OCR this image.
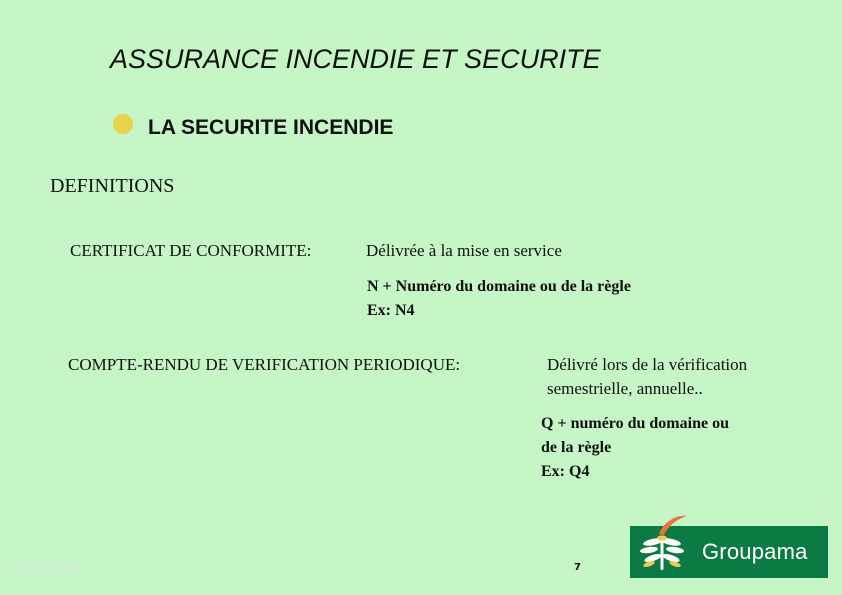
ASSURANCE INCENDIE ET SECURITE
LA SECURITE INCENDIE
DEFINITIONS
CERTIFICAT DE CONFORMITE:	Délivrée à la mise en service
N + Numéro du domaine ou de la règle
Ex: N4
COMPTE-RENDU DE VERIFICATION PERIODIQUE:	Délivré lors de la vérification
semestrielle, annuelle..
Q + numéro du domaine ou
de la règle
Ex: Q4
05/06/2003	7
Groupama
